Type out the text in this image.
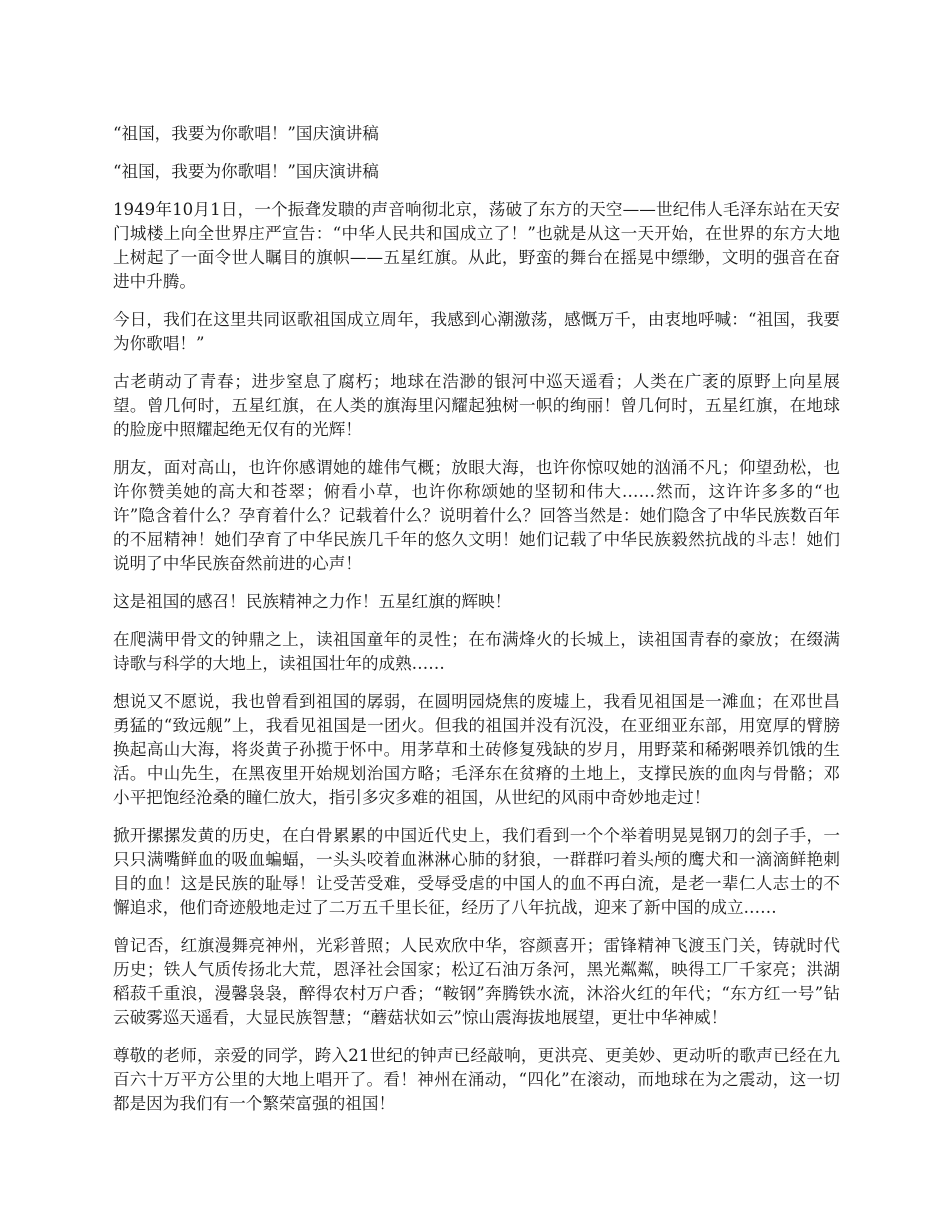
“祖国，我要为你歌唱！”国庆演讲稿

“祖国，我要为你歌唱！”国庆演讲稿

1949年10月1日，一个振聋发聩的声音响彻北京，荡破了东方的天空——世纪伟人毛泽东站在天安门城楼上向全世界庄严宣告：“中华人民共和国成立了！”也就是从这一天开始，在世界的东方大地上树起了一面令世人瞩目的旗帜——五星红旗。从此，野蛮的舞台在摇晃中缥缈，文明的强音在奋进中升腾。

今日，我们在这里共同讴歌祖国成立周年，我感到心潮激荡，感慨万千，由衷地呼喊：“祖国，我要为你歌唱！”

古老萌动了青春；进步窒息了腐朽；地球在浩渺的银河中巡天遥看；人类在广袤的原野上向星展望。曾几何时，五星红旗，在人类的旗海里闪耀起独树一帜的绚丽！曾几何时，五星红旗，在地球的脸庞中照耀起绝无仅有的光辉！

朋友，面对高山，也许你感谓她的雄伟气概；放眼大海，也许你惊叹她的汹涌不凡；仰望劲松，也许你赞美她的高大和苍翠；俯看小草，也许你称颂她的坚韧和伟大……然而，这许许多多的“也许”隐含着什么？孕育着什么？记载着什么？说明着什么？回答当然是：她们隐含了中华民族数百年的不屈精神！她们孕育了中华民族几千年的悠久文明！她们记载了中华民族毅然抗战的斗志！她们说明了中华民族奋然前进的心声！

这是祖国的感召！民族精神之力作！五星红旗的辉映！

在爬满甲骨文的钟鼎之上，读祖国童年的灵性；在布满烽火的长城上，读祖国青春的豪放；在缀满诗歌与科学的大地上，读祖国壮年的成熟……

想说又不愿说，我也曾看到祖国的孱弱，在圆明园烧焦的废墟上，我看见祖国是一滩血；在邓世昌勇猛的“致远舰”上，我看见祖国是一团火。但我的祖国并没有沉没，在亚细亚东部，用宽厚的臂膀换起高山大海，将炎黄子孙揽于怀中。用茅草和土砖修复残缺的岁月，用野菜和稀粥喂养饥饿的生活。中山先生，在黑夜里开始规划治国方略；毛泽东在贫瘠的土地上，支撑民族的血肉与骨骼；邓小平把饱经沧桑的瞳仁放大，指引多灾多难的祖国，从世纪的风雨中奇妙地走过！

掀开摞摞发黄的历史，在白骨累累的中国近代史上，我们看到一个个举着明晃晃钢刀的刽子手，一只只满嘴鲜血的吸血蝙蝠，一头头咬着血淋淋心肺的豺狼，一群群叼着头颅的鹰犬和一滴滴鲜艳刺目的血！这是民族的耻辱！让受苦受难，受辱受虐的中国人的血不再白流，是老一辈仁人志士的不懈追求，他们奇迹般地走过了二万五千里长征，经历了八年抗战，迎来了新中国的成立……

曾记否，红旗漫舞亮神州，光彩普照；人民欢欣中华，容颜喜开；雷锋精神飞渡玉门关，铸就时代历史；铁人气质传扬北大荒，恩泽社会国家；松辽石油万条河，黑光粼粼，映得工厂千家亮；洪湖稻菽千重浪，漫馨袅袅，醉得农村万户香；“鞍钢”奔腾铁水流，沐浴火红的年代；“东方红一号”钻云破雾巡天遥看，大显民族智慧；“蘑菇状如云”惊山震海拔地展望，更壮中华神威！

尊敬的老师，亲爱的同学，跨入21世纪的钟声已经敲响，更洪亮、更美妙、更动听的歌声已经在九百六十万平方公里的大地上唱开了。看！神州在涌动，“四化”在滚动，而地球在为之震动，这一切都是因为我们有一个繁荣富强的祖国！
